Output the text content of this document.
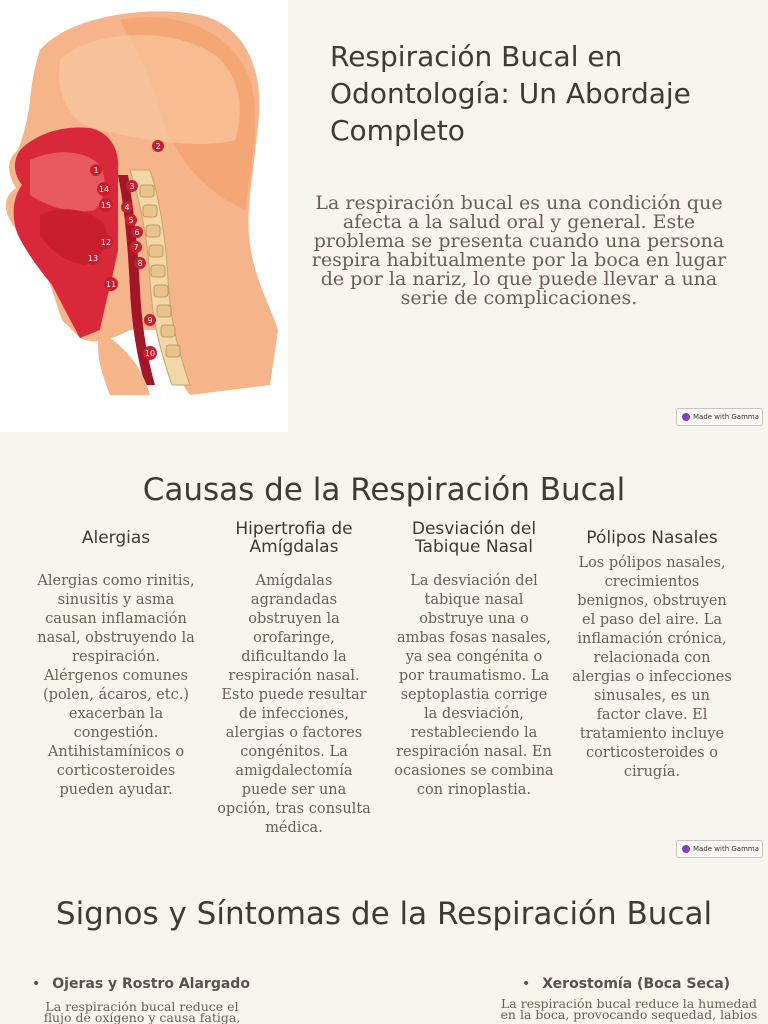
2
1
14	3
15 4
5
6
12
7
13
8
11
9
10
Respiración Bucal en Odontología: Un Abordaje Completo

La respiración bucal es una condición que afecta a la salud oral y general. Este problema se presenta cuando una persona respira habitualmente por la boca en lugar de por la nariz, lo que puede llevar a una serie de complicaciones.

Made with Gamma
Causas de la Respiración Bucal
Alergias

Alergias como rinitis, sinusitis y asma causan inflamación nasal, obstruyendo la respiración. Alérgenos comunes (polen, ácaros, etc.) exacerban la congestión. Antihistamínicos o corticosteroides pueden ayudar.

Hipertrofia de Amígdalas

Amígdalas agrandadas obstruyen la orofaringe, dificultando la respiración nasal. Esto puede resultar de infecciones, alergias o factores congénitos. La amigdalectomía puede ser una opción, tras consulta médica.

Desviación del Tabique Nasal

La desviación del tabique nasal obstruye una o ambas fosas nasales, ya sea congénita o por traumatismo. La septoplastia corrige la desviación, restableciendo la respiración nasal. En ocasiones se combina con rinoplastia.

Pólipos Nasales

Los pólipos nasales, crecimientos benignos, obstruyen el paso del aire. La inflamación crónica, relacionada con alergias o infecciones sinusales, es un factor clave. El tratamiento incluye corticosteroides o cirugía.

Made with Gamma
Signos y Síntomas de la Respiración Bucal
• Ojeras y Rostro Alargado
La respiración bucal reduce el
flujo de oxígeno y causa fatiga,
• Xerostomía (Boca Seca)
La respiración bucal reduce la humedad
en la boca, provocando sequedad, labios
